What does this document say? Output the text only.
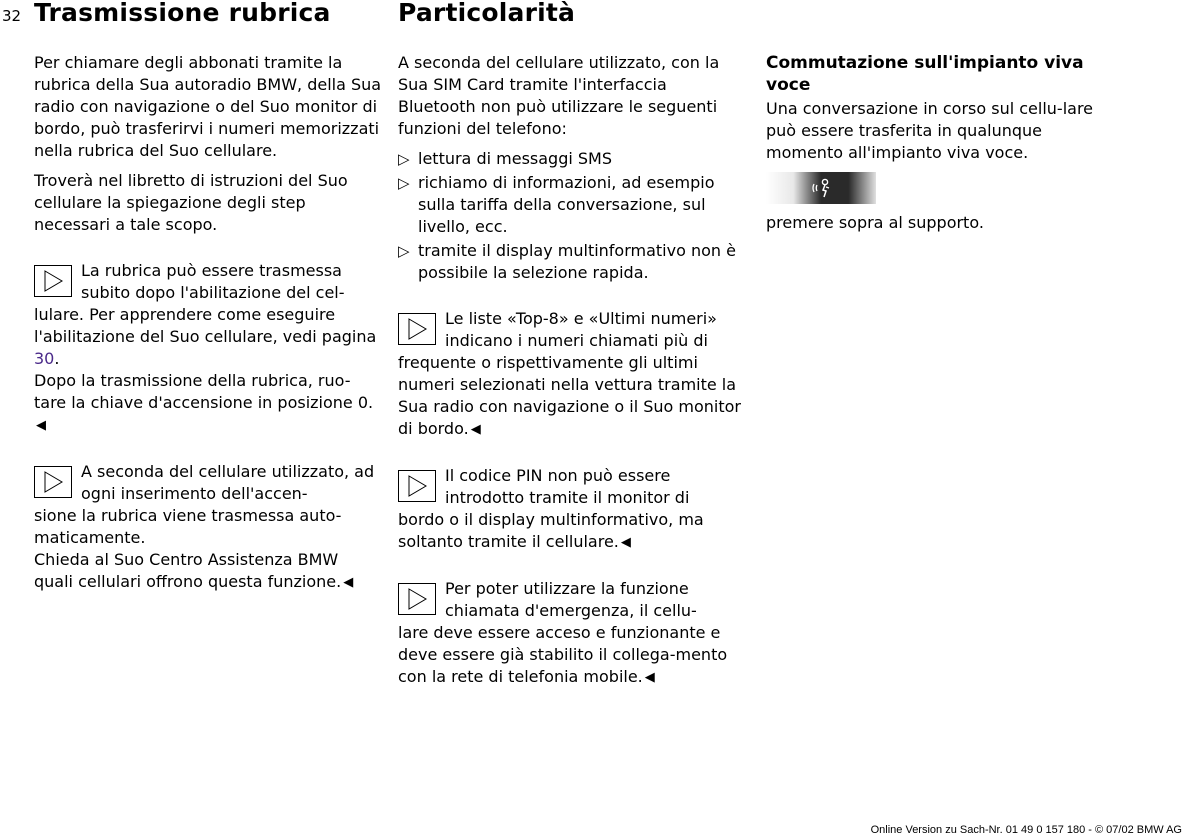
32 Trasmissione rubrica	Particolarità

Per chiamare degli abbonati tramite la rubrica della Sua autoradio BMW, della Sua radio con navigazione o del Suo monitor di bordo, può trasferirvi i numeri memorizzati nella rubrica del Suo cellulare.

Troverà nel libretto di istruzioni del Suo cellulare la spiegazione degli step necessari a tale scopo.

La rubrica può essere trasmessa subito dopo l'abilitazione del cel-
lulare. Per apprendere come eseguire l'abilitazione del Suo cellulare, vedi pagina 30.
Dopo la trasmissione della rubrica, ruo-tare la chiave d'accensione in posizione 0.◀
A seconda del cellulare utilizzato, ad ogni inserimento dell'accen-
sione la rubrica viene trasmessa auto-maticamente.
Chieda al Suo Centro Assistenza BMW quali cellulari offrono questa funzione. ◀

A seconda del cellulare utilizzato, con la Sua SIM Card tramite l'interfaccia Bluetooth non può utilizzare le seguenti funzioni del telefono:

▷ lettura di messaggi SMS
▷ richiamo di informazioni, ad esempio sulla tariffa della conversazione, sul livello, ecc.
▷ tramite il display multinformativo non è possibile la selezione rapida.
Le liste «Top-8» e «Ultimi numeri» indicano i numeri chiamati più di
frequente o rispettivamente gli ultimi numeri selezionati nella vettura tramite la Sua radio con navigazione o il Suo monitor di bordo. ◀
Il codice PIN non può essere introdotto tramite il monitor di
bordo o il display multinformativo, ma soltanto tramite il cellulare. ◀
Per poter utilizzare la funzione chiamata d'emergenza, il cellu-
lare deve essere acceso e funzionante e deve essere già stabilito il collega-mento con la rete di telefonia mobile. ◀
Commutazione sull'impianto viva voce

Una conversazione in corso sul cellu-lare può essere trasferita in qualunque momento all'impianto viva voce.

premere sopra al supporto.

Online Version zu Sach-Nr. 01 49 0 157 180 - © 07/02 BMW AG
